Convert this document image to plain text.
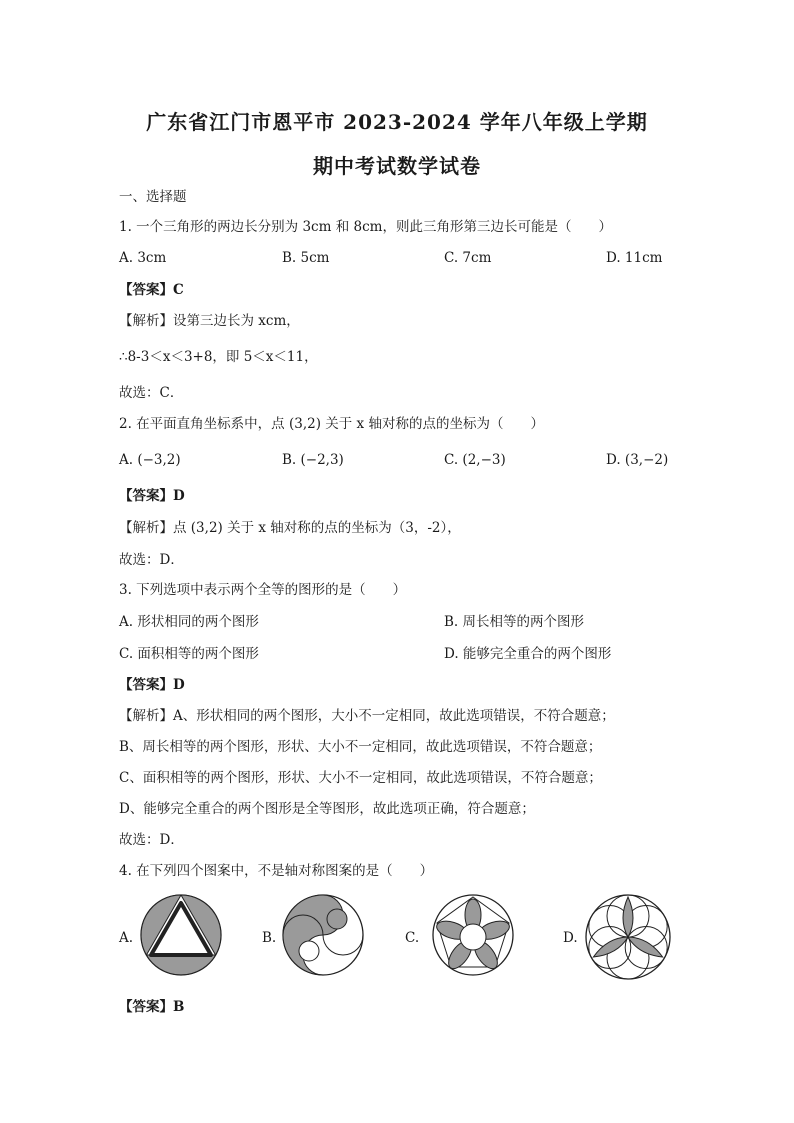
广东省江门市恩平市 2023-2024 学年八年级上学期
期中考试数学试卷
一、选择题
1. 一个三角形的两边长分别为 3cm 和 8cm，则此三角形第三边长可能是（　　）
A. 3cm	B. 5cm	C. 7cm	D. 11cm
【答案】C
【解析】设第三边长为 xcm，
∴8-3＜x＜3+8，即 5＜x＜11，
故选：C．
2. 在平面直角坐标系中，点 (3,2) 关于 x 轴对称的点的坐标为（　　）
A. (−3,2)	B. (−2,3)	C. (2,−3)	D. (3,−2)
【答案】D
【解析】点 (3,2) 关于 x 轴对称的点的坐标为（3，-2），
故选：D．
3. 下列选项中表示两个全等的图形的是（　　）
A. 形状相同的两个图形	B. 周长相等的两个图形
C. 面积相等的两个图形	D. 能够完全重合的两个图形
【答案】D
【解析】A、形状相同的两个图形，大小不一定相同，故此选项错误，不符合题意；
B、周长相等的两个图形，形状、大小不一定相同，故此选项错误，不符合题意；
C、面积相等的两个图形，形状、大小不一定相同，故此选项错误，不符合题意；
D、能够完全重合的两个图形是全等图形，故此选项正确，符合题意；
故选：D．
4. 在下列四个图案中，不是轴对称图案的是（　　）
A.	B.	C.	D.
【答案】B
